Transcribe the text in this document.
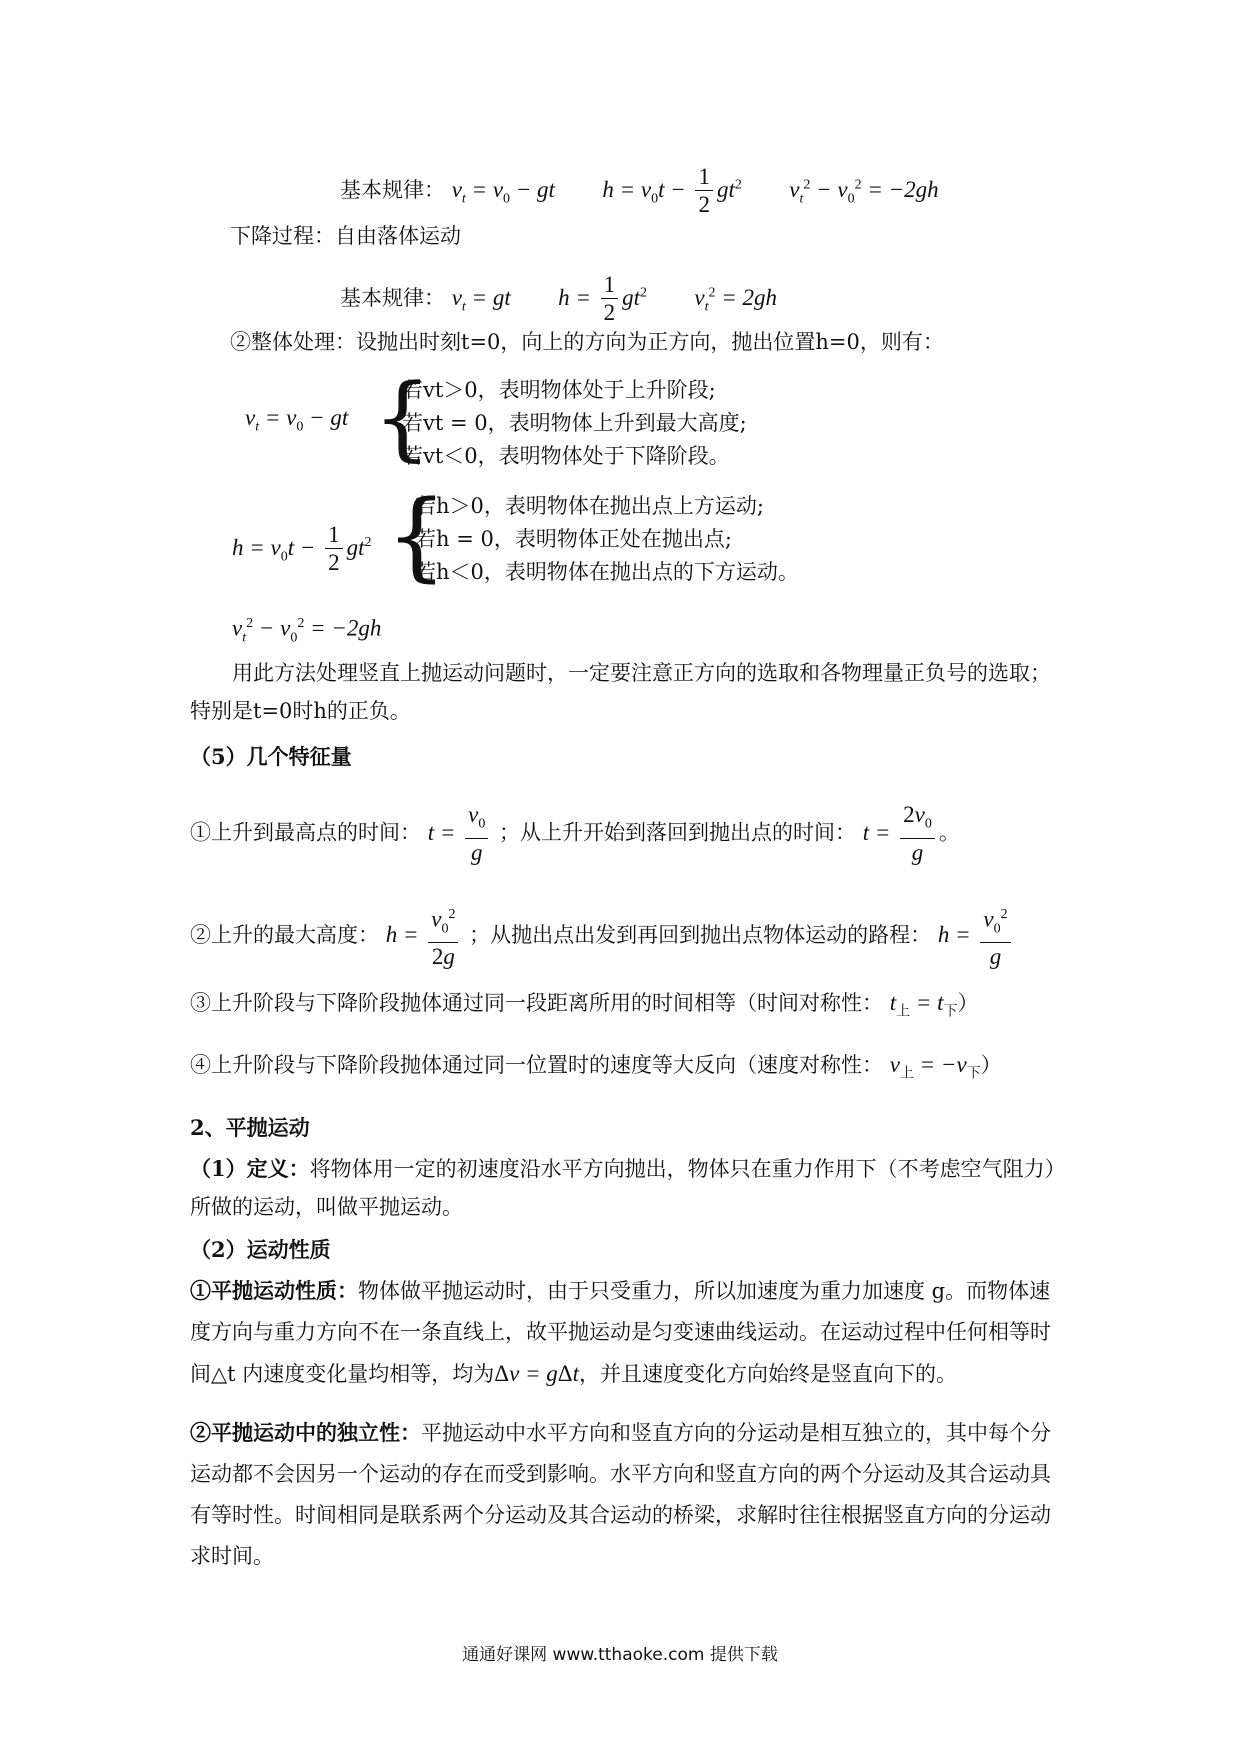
基本规律： $v_t = v_0$ − gt $h = v_0t - \frac{1}{2} gt^2$ $v_t^2 - v_0^2 = -2gh$
下降过程：自由落体运动
基本规律： $v_t$ = gt $h = \frac{1}{2} gt^2$ $v_t^2 = 2gh$
②整体处理：设抛出时刻t=0，向上的方向为正方向，抛出位置h=0，则有：
$v_t = v_0$ − gt {
若vt＞0，表明物体处于上升阶段;
若vt = 0，表明物体上升到最大高度;
若vt＜0，表明物体处于下降阶段。
$h = v_0t - \frac{1}{2} gt^2$ {
若h＞0，表明物体在抛出点上方运动;
若h = 0，表明物体正处在抛出点;
若h＜0，表明物体在抛出点的下方运动。
$v_t^2 - v_0^2 = -2gh$
用此方法处理竖直上抛运动问题时，一定要注意正方向的选取和各物理量正负号的选取；特别是t=0时h的正负。
（5）几个特征量
①上升到最高点的时间： $t = \frac{v_0}{g}$ ；从上升开始到落回到抛出点的时间： $t = \frac{2v_0}{g}$ 。
②上升的最大高度： $h = \frac{v_0^2}{2g}$ ；从抛出点出发到再回到抛出点物体运动的路程： $h = \frac{v_0^2}{g}$
③上升阶段与下降阶段抛体通过同一段距离所用的时间相等（时间对称性： $t_上 = t_下$）
④上升阶段与下降阶段抛体通过同一位置时的速度等大反向（速度对称性： $v_上 = -v_下$）
2、平抛运动
（1）定义：将物体用一定的初速度沿水平方向抛出，物体只在重力作用下（不考虑空气阻力）所做的运动，叫做平抛运动。
（2）运动性质
①平抛运动性质：物体做平抛运动时，由于只受重力，所以加速度为重力加速度 g。而物体速度方向与重力方向不在一条直线上，故平抛运动是匀变速曲线运动。在运动过程中任何相等时间△t 内速度变化量均相等，均为Δv = gΔt，并且速度变化方向始终是竖直向下的。
②平抛运动中的独立性：平抛运动中水平方向和竖直方向的分运动是相互独立的，其中每个分运动都不会因另一个运动的存在而受到影响。水平方向和竖直方向的两个分运动及其合运动具有等时性。时间相同是联系两个分运动及其合运动的桥梁，求解时往往根据竖直方向的分运动求时间。
通通好课网 www.tthaoke.com 提供下载
